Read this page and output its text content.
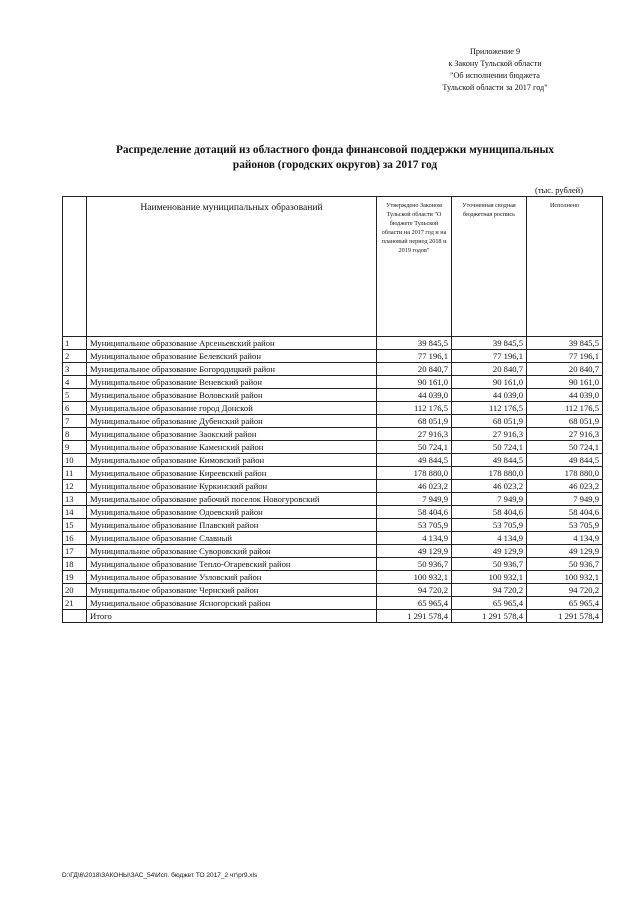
Приложение 9
к Закону Тульской области
"Об исполнении бюджета
Тульской области за 2017 год"
Распределение дотаций из областного фонда финансовой поддержки муниципальных
районов (городских округов) за 2017 год
(тыс. рублей)
	Наименование муниципальных образований	Утверждено Законом Тульской области "О бюджете Тульской области на 2017 год и на плановый период 2018 и 2019 годов"	Уточненная сводная бюджетная роспись	Исполнено
1	Муниципальное образование Арсеньевский район	39 845,5	39 845,5	39 845,5
2	Муниципальное образование Белевский район	77 196,1	77 196,1	77 196,1
3	Муниципальное образование Богородицкий район	20 840,7	20 840,7	20 840,7
4	Муниципальное образование Веневский район	90 161,0	90 161,0	90 161,0
5	Муниципальное образование Воловский район	44 039,0	44 039,0	44 039,0
6	Муниципальное образование город Донской	112 176,5	112 176,5	112 176,5
7	Муниципальное образование Дубенский район	68 051,9	68 051,9	68 051,9
8	Муниципальное образование Заокский район	27 916,3	27 916,3	27 916,3
9	Муниципальное образование Каменский район	50 724,1	50 724,1	50 724,1
10	Муниципальное образование Кимовский район	49 844,5	49 844,5	49 844,5
11	Муниципальное образование Киреевский район	178 880,0	178 880,0	178 880,0
12	Муниципальное образование Куркинский район	46 023,2	46 023,2	46 023,2
13	Муниципальное образование рабочий поселок Новогуровский	7 949,9	7 949,9	7 949,9
14	Муниципальное образование Одоевский район	58 404,6	58 404,6	58 404,6
15	Муниципальное образование Плавский район	53 705,9	53 705,9	53 705,9
16	Муниципальное образование Славный	4 134,9	4 134,9	4 134,9
17	Муниципальное образование Суворовский район	49 129,9	49 129,9	49 129,9
18	Муниципальное образование Тепло-Огаревский район	50 936,7	50 936,7	50 936,7
19	Муниципальное образование Узловский район	100 932,1	100 932,1	100 932,1
20	Муниципальное образование Чернский район	94 720,2	94 720,2	94 720,2
21	Муниципальное образование Ясногорский район	65 965,4	65 965,4	65 965,4
	Итого	1 291 578,4	1 291 578,4	1 291 578,4
D:\ГД\6\2018\ЗАКОНЫ\ЗАС_54\Исп. бюджет ТО 2017_2 чт\pr9.xls
